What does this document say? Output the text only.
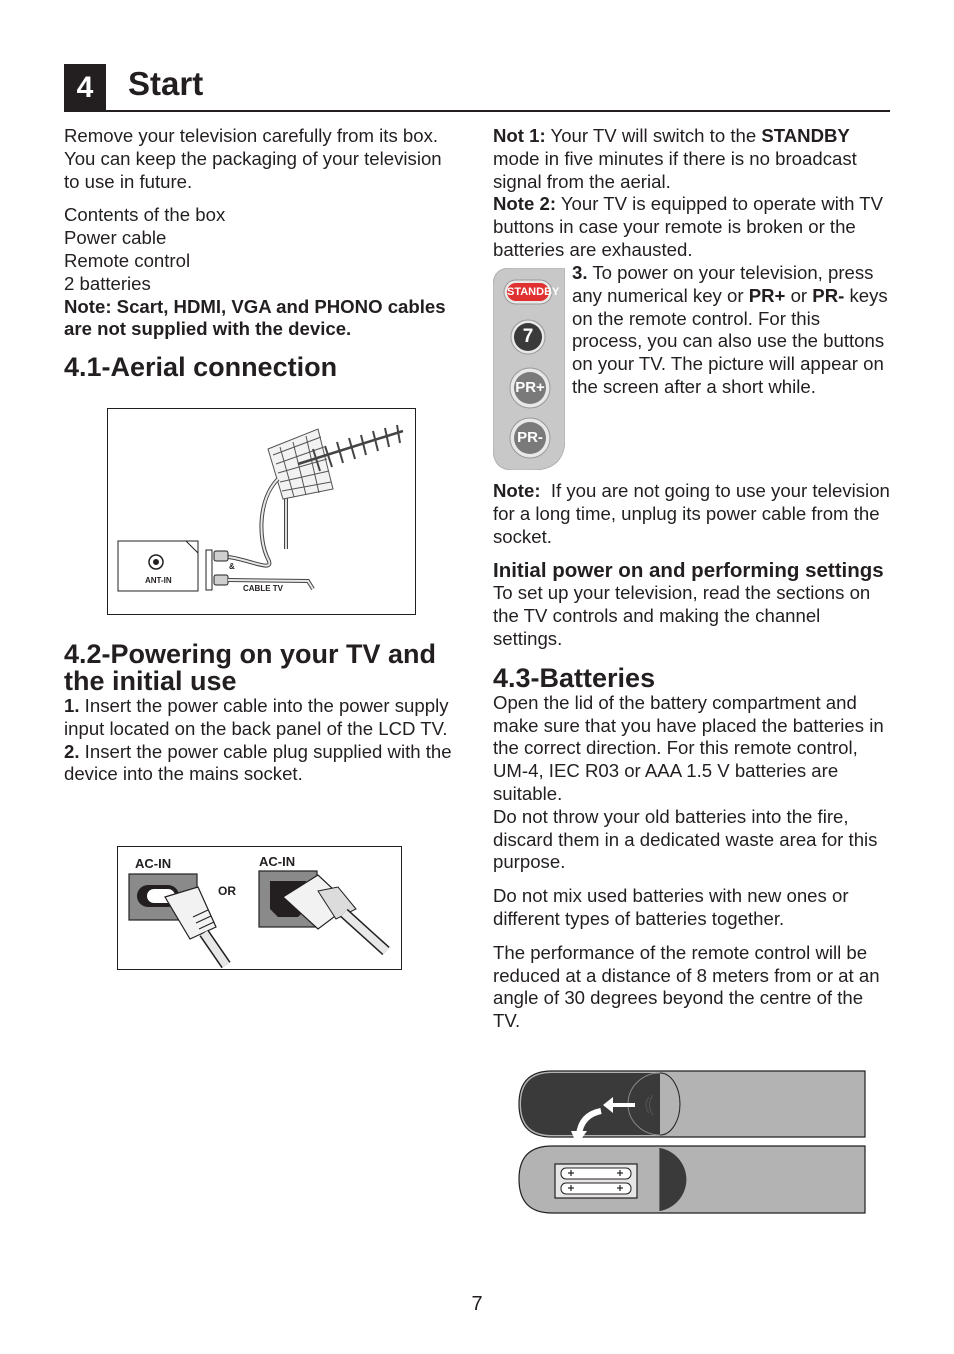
4	Start

Remove your television carefully from its box. You can keep the packaging of your television to use in future.

Contents of the box
Power cable
Remote control
2 batteries
Note: Scart, HDMI, VGA and PHONO cables are not supplied with the device.
4.1-Aerial connection
ANT-IN
&
CABLE TV
4.2-Powering on your TV and the initial use

1. Insert the power cable into the power supply input located on the back panel of the LCD TV.

2. Insert the power cable plug supplied with the device into the mains socket.

AC-IN	AC-IN
OR

Not 1: Your TV will switch to the STANDBY mode in five minutes if there is no broadcast signal from the aerial.

Note 2: Your TV is equipped to operate with TV buttons in case your remote is broken or the batteries are exhausted.

STANDBY
7
PR+
PR-

3. To power on your television, press any numerical key or PR+ or PR- keys on the remote control. For this process, you can also use the buttons on your TV. The picture will appear on the screen after a short while.

Note:  If you are not going to use your television for a long time, unplug its power cable from the socket.

Initial power on and performing settings

To set up your television, read the sections on the TV controls and making the channel settings.

4.3-Batteries

Open the lid of the battery compartment and make sure that you have placed the batteries in the correct direction. For this remote control, UM-4, IEC R03 or AAA 1.5 V batteries are suitable.

Do not throw your old batteries into the fire, discard them in a dedicated waste area for this purpose.

Do not mix used batteries with new ones or different types of batteries together.

The performance of the remote control will be reduced at a distance of 8 meters from or at an angle of 30 degrees beyond the centre of the TV.

7
